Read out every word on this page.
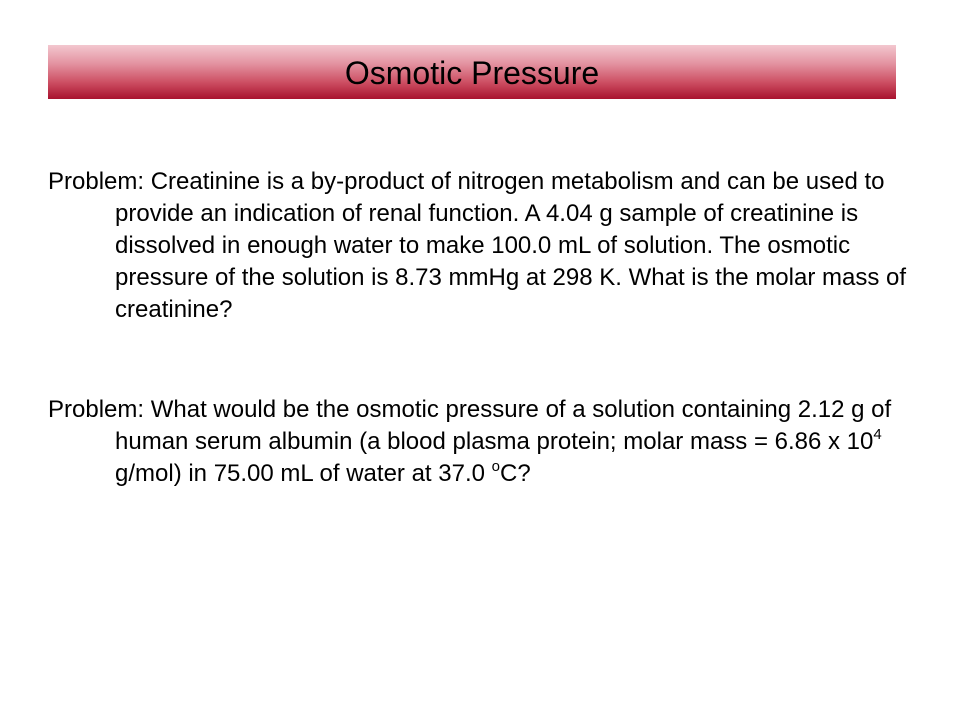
Osmotic Pressure
Problem: Creatinine is a by-product of nitrogen metabolism and can be used to provide an indication of renal function. A 4.04 g sample of creatinine is dissolved in enough water to make 100.0 mL of solution. The osmotic pressure of the solution is 8.73 mmHg at 298 K. What is the molar mass of creatinine?
Problem: What would be the osmotic pressure of a solution containing 2.12 g of human serum albumin (a blood plasma protein; molar mass = 6.86 x $10^4$ g/mol) in 75.00 mL of water at 37.0 $^o$C?
